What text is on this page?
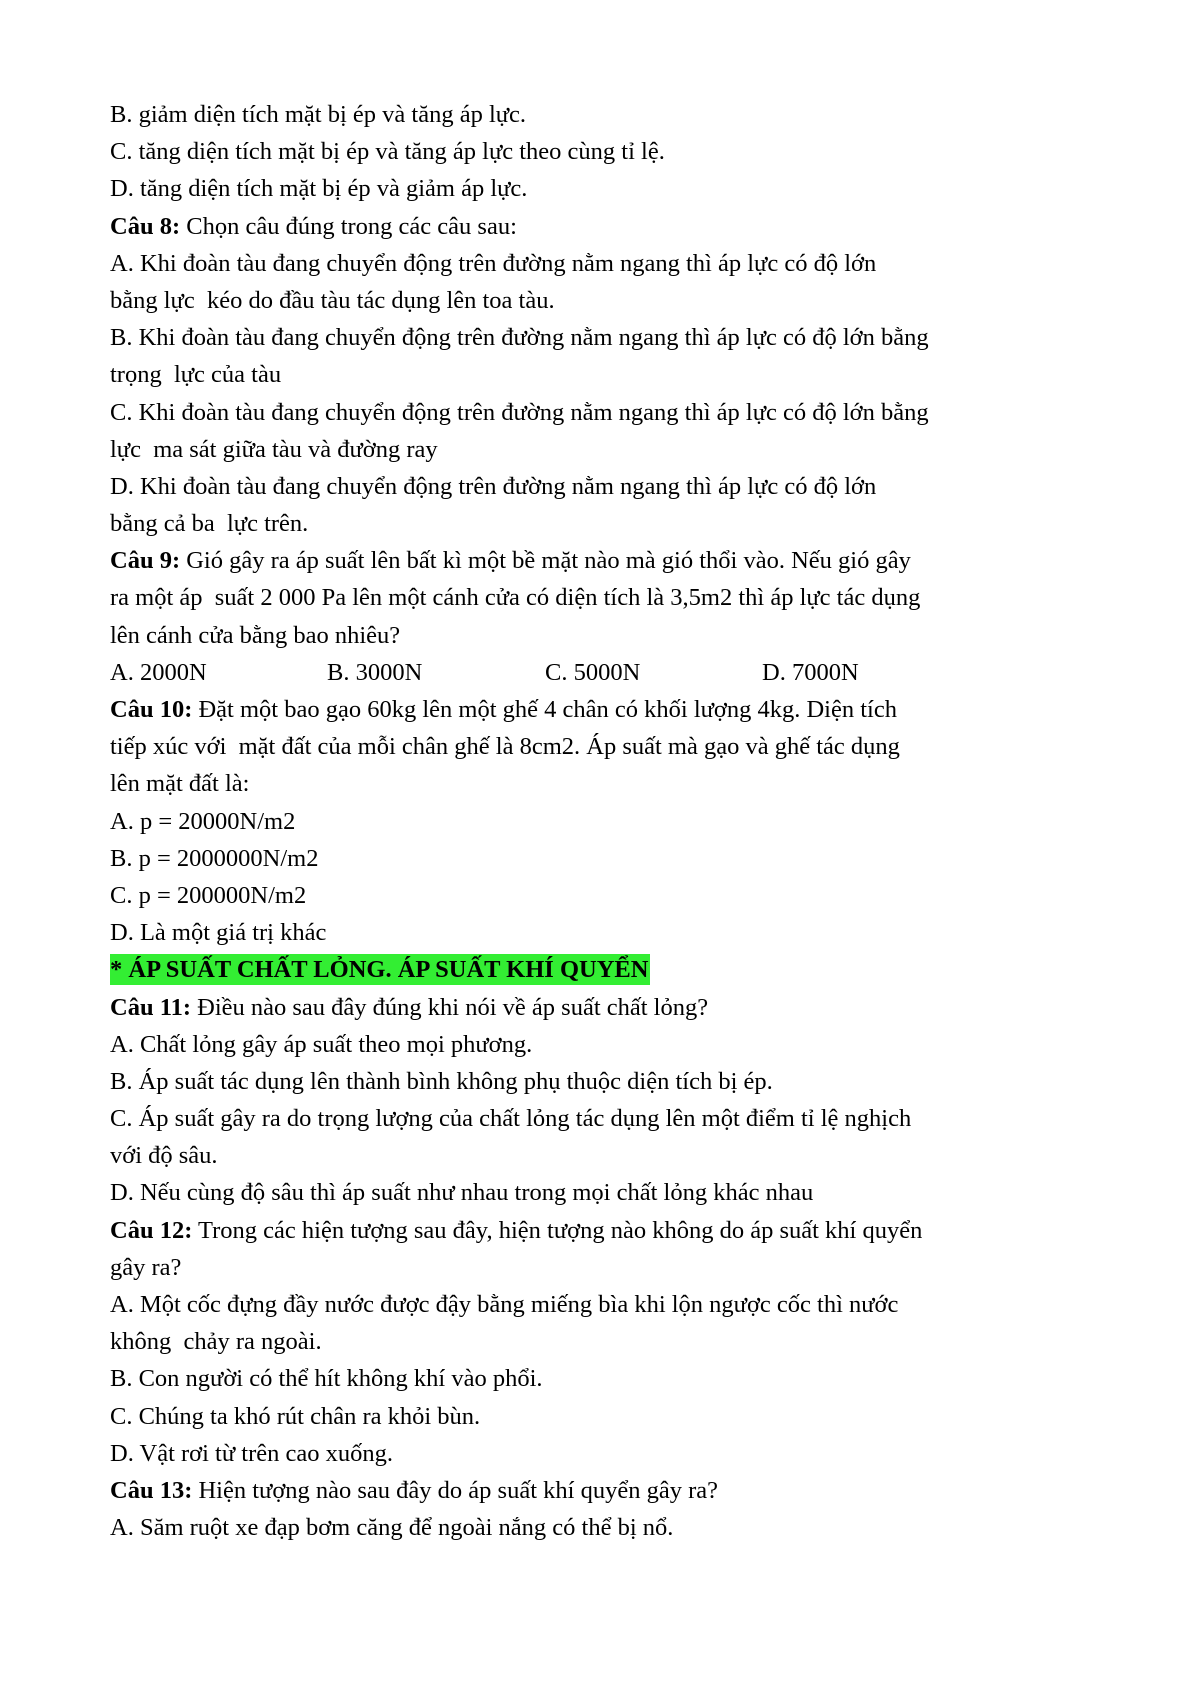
B. giảm diện tích mặt bị ép và tăng áp lực.
C. tăng diện tích mặt bị ép và tăng áp lực theo cùng tỉ lệ.
D. tăng diện tích mặt bị ép và giảm áp lực.
Câu 8: Chọn câu đúng trong các câu sau:
A. Khi đoàn tàu đang chuyển động trên đường nằm ngang thì áp lực có độ lớn
bằng lực  kéo do đầu tàu tác dụng lên toa tàu.
B. Khi đoàn tàu đang chuyển động trên đường nằm ngang thì áp lực có độ lớn bằng
trọng  lực của tàu
C. Khi đoàn tàu đang chuyển động trên đường nằm ngang thì áp lực có độ lớn bằng
lực  ma sát giữa tàu và đường ray
D. Khi đoàn tàu đang chuyển động trên đường nằm ngang thì áp lực có độ lớn
bằng cả ba  lực trên.
Câu 9: Gió gây ra áp suất lên bất kì một bề mặt nào mà gió thổi vào. Nếu gió gây
ra một áp  suất 2 000 Pa lên một cánh cửa có diện tích là 3,5m2 thì áp lực tác dụng
lên cánh cửa bằng bao nhiêu?
A. 2000N	B. 3000N	C. 5000N	D. 7000N
Câu 10: Đặt một bao gạo 60kg lên một ghế 4 chân có khối lượng 4kg. Diện tích
tiếp xúc với  mặt đất của mỗi chân ghế là 8cm2. Áp suất mà gạo và ghế tác dụng
lên mặt đất là:
A. p = 20000N/m2
B. p = 2000000N/m2
C. p = 200000N/m2
D. Là một giá trị khác
* ÁP SUẤT CHẤT LỎNG. ÁP SUẤT KHÍ QUYỂN
Câu 11: Điều nào sau đây đúng khi nói về áp suất chất lỏng?
A. Chất lỏng gây áp suất theo mọi phương.
B. Áp suất tác dụng lên thành bình không phụ thuộc diện tích bị ép.
C. Áp suất gây ra do trọng lượng của chất lỏng tác dụng lên một điểm tỉ lệ nghịch
với độ sâu.
D. Nếu cùng độ sâu thì áp suất như nhau trong mọi chất lỏng khác nhau
Câu 12: Trong các hiện tượng sau đây, hiện tượng nào không do áp suất khí quyển
gây ra?
A. Một cốc đựng đầy nước được đậy bằng miếng bìa khi lộn ngược cốc thì nước
không  chảy ra ngoài.
B. Con người có thể hít không khí vào phổi.
C. Chúng ta khó rút chân ra khỏi bùn.
D. Vật rơi từ trên cao xuống.
Câu 13: Hiện tượng nào sau đây do áp suất khí quyển gây ra?
A. Săm ruột xe đạp bơm căng để ngoài nắng có thể bị nổ.
